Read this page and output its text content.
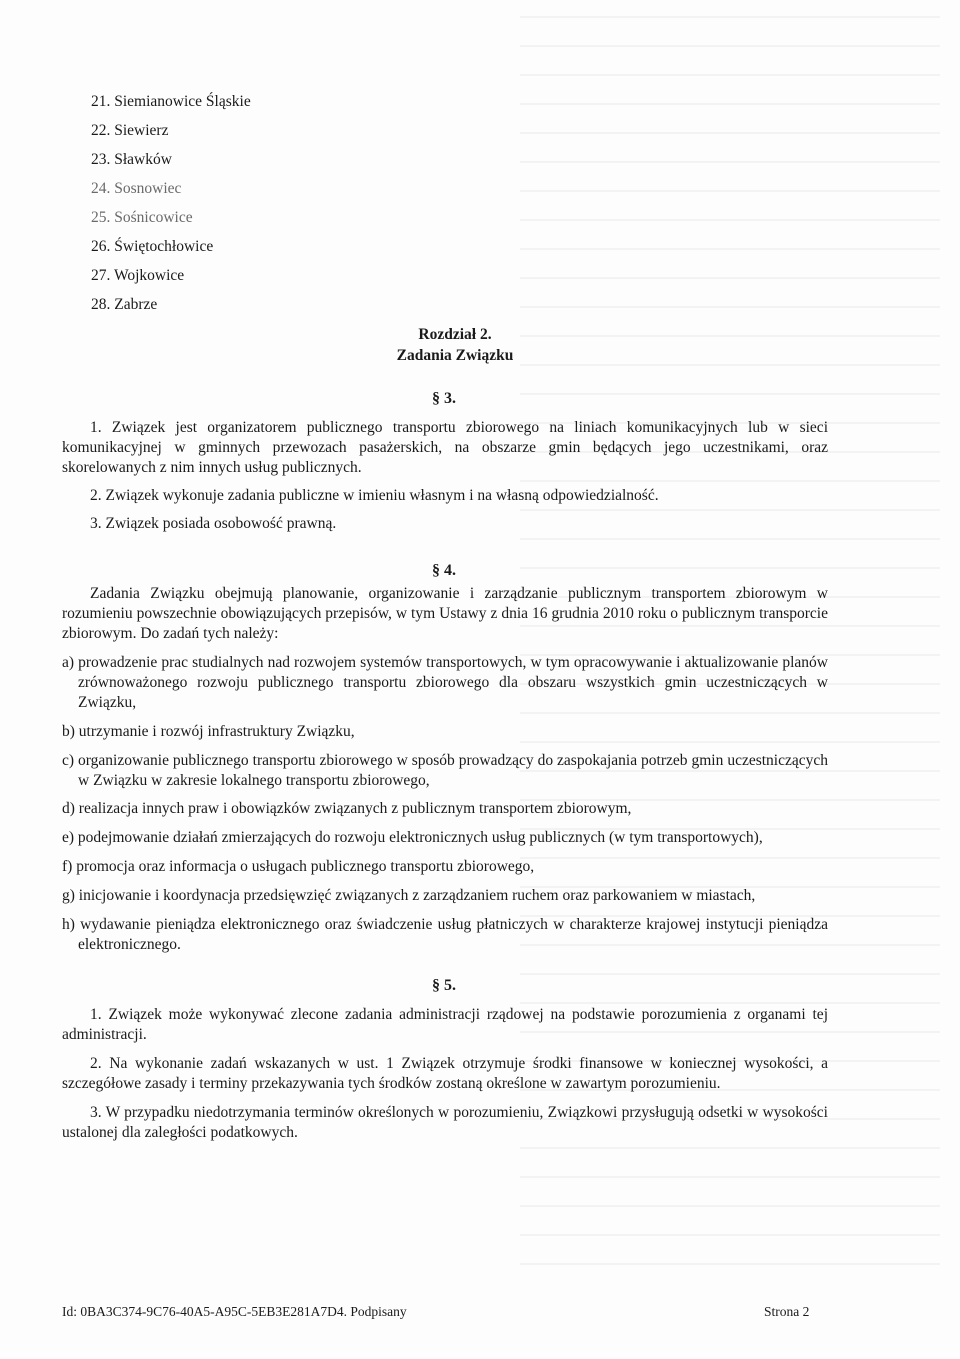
21. Siemianowice Śląskie
22. Siewierz
23. Sławków
24. Sosnowiec
25. Sośnicowice
26. Świętochłowice
27. Wojkowice
28. Zabrze
Rozdział 2.
Zadania Związku
§ 3.
1. Związek jest organizatorem publicznego transportu zbiorowego na liniach komunikacyjnych lub w sieci komunikacyjnej w gminnych przewozach pasażerskich, na obszarze gmin będących jego uczestnikami, oraz skorelowanych z nim innych usług publicznych.
2. Związek wykonuje zadania publiczne w imieniu własnym i na własną odpowiedzialność.
3. Związek posiada osobowość prawną.
§ 4.
Zadania Związku obejmują planowanie, organizowanie i zarządzanie publicznym transportem zbiorowym w rozumieniu powszechnie obowiązujących przepisów, w tym Ustawy z dnia 16 grudnia 2010 roku o publicznym transporcie zbiorowym. Do zadań tych należy:
a) prowadzenie prac studialnych nad rozwojem systemów transportowych, w tym opracowywanie i aktualizowanie planów zrównoważonego rozwoju publicznego transportu zbiorowego dla obszaru wszystkich gmin uczestniczących w Związku,
b) utrzymanie i rozwój infrastruktury Związku,
c) organizowanie publicznego transportu zbiorowego w sposób prowadzący do zaspokajania potrzeb gmin uczestniczących w Związku w zakresie lokalnego transportu zbiorowego,
d) realizacja innych praw i obowiązków związanych z publicznym transportem zbiorowym,
e) podejmowanie działań zmierzających do rozwoju elektronicznych usług publicznych (w tym transportowych),
f) promocja oraz informacja o usługach publicznego transportu zbiorowego,
g) inicjowanie i koordynacja przedsięwzięć związanych z zarządzaniem ruchem oraz parkowaniem w miastach,
h) wydawanie pieniądza elektronicznego oraz świadczenie usług płatniczych w charakterze krajowej instytucji pieniądza elektronicznego.
§ 5.
1. Związek może wykonywać zlecone zadania administracji rządowej na podstawie porozumienia z organami tej administracji.
2. Na wykonanie zadań wskazanych w ust. 1 Związek otrzymuje środki finansowe w koniecznej wysokości, a szczegółowe zasady i terminy przekazywania tych środków zostaną określone w zawartym porozumieniu.
3. W przypadku niedotrzymania terminów określonych w porozumieniu, Związkowi przysługują odsetki w wysokości ustalonej dla zaległości podatkowych.
Id: 0BA3C374-9C76-40A5-A95C-5EB3E281A7D4. Podpisany	Strona 2
